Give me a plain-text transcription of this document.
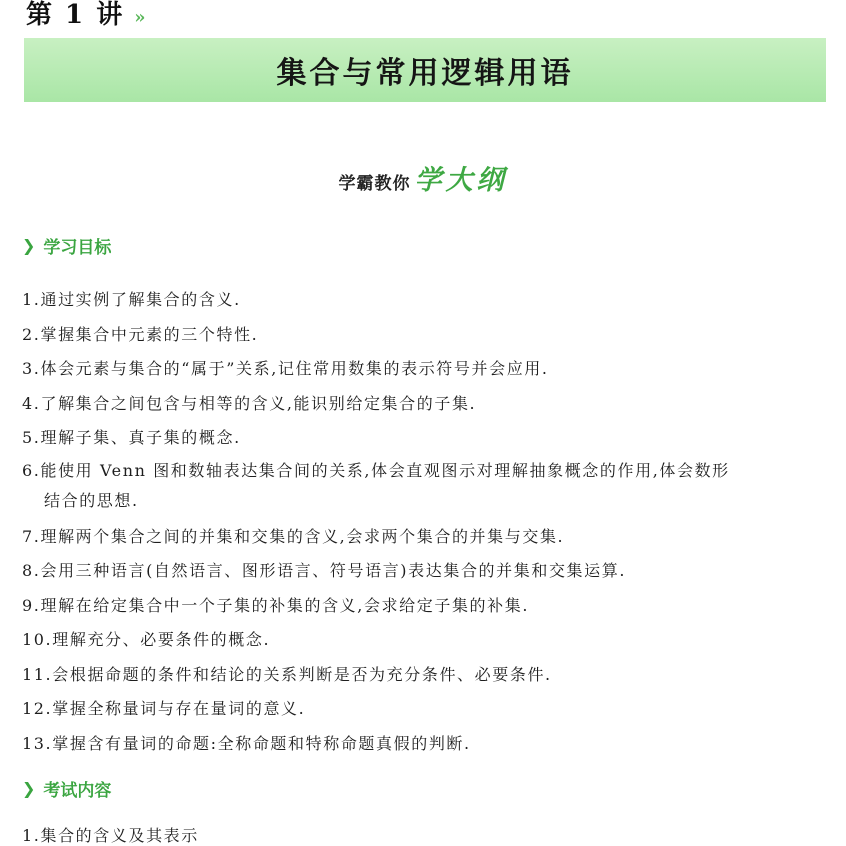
第 1 讲 »
集合与常用逻辑用语
学霸教你 学大纲
❯ 学习目标
1.通过实例了解集合的含义.
2.掌握集合中元素的三个特性.
3.体会元素与集合的“属于”关系,记住常用数集的表示符号并会应用.
4.了解集合之间包含与相等的含义,能识别给定集合的子集.
5.理解子集、真子集的概念.
6.能使用 Venn 图和数轴表达集合间的关系,体会直观图示对理解抽象概念的作用,体会数形
结合的思想.
7.理解两个集合之间的并集和交集的含义,会求两个集合的并集与交集.
8.会用三种语言(自然语言、图形语言、符号语言)表达集合的并集和交集运算.
9.理解在给定集合中一个子集的补集的含义,会求给定子集的补集.
10.理解充分、必要条件的概念.
11.会根据命题的条件和结论的关系判断是否为充分条件、必要条件.
12.掌握全称量词与存在量词的意义.
13.掌握含有量词的命题:全称命题和特称命题真假的判断.
❯ 考试内容
1.集合的含义及其表示
